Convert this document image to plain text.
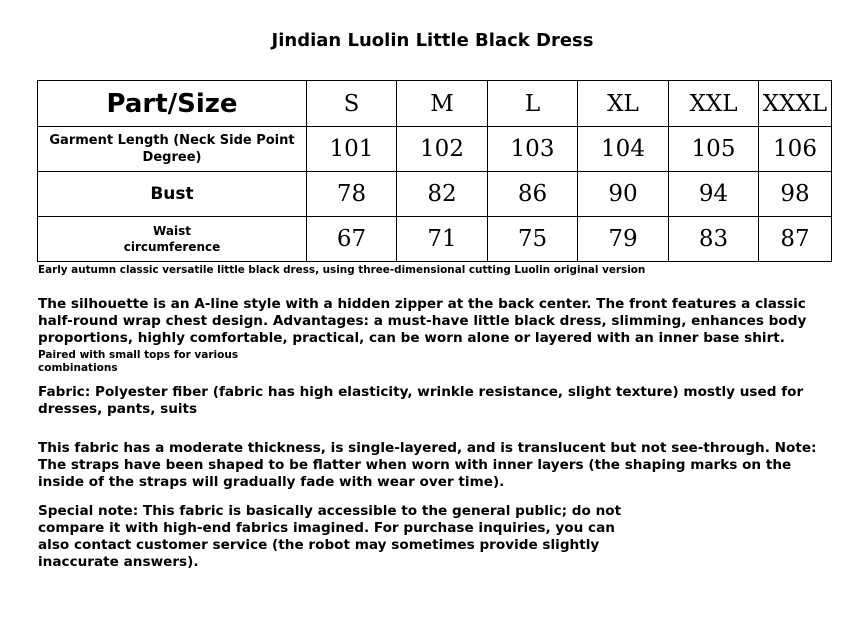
Jindian Luolin Little Black Dress
Part/Size	S	M	L	XL	XXL	XXXL
Garment Length (Neck Side Point Degree)	101	102	103	104	105	106
Bust	78	82	86	90	94	98
Waist
circumference	67	71	75	79	83	87
Early autumn classic versatile little black dress, using three-dimensional cutting Luolin original version
The silhouette is an A-line style with a hidden zipper at the back center. The front features a classic half-round wrap chest design. Advantages: a must-have little black dress, slimming, enhances body proportions, highly comfortable, practical, can be worn alone or layered with an inner base shirt.
Paired with small tops for various
combinations
Fabric: Polyester fiber (fabric has high elasticity, wrinkle resistance, slight texture) mostly used for dresses, pants, suits
This fabric has a moderate thickness, is single-layered, and is translucent but not see-through. Note: The straps have been shaped to be flatter when worn with inner layers (the shaping marks on the inside of the straps will gradually fade with wear over time).
Special note: This fabric is basically accessible to the general public; do not compare it with high-end fabrics imagined. For purchase inquiries, you can also contact customer service (the robot may sometimes provide slightly inaccurate answers).
